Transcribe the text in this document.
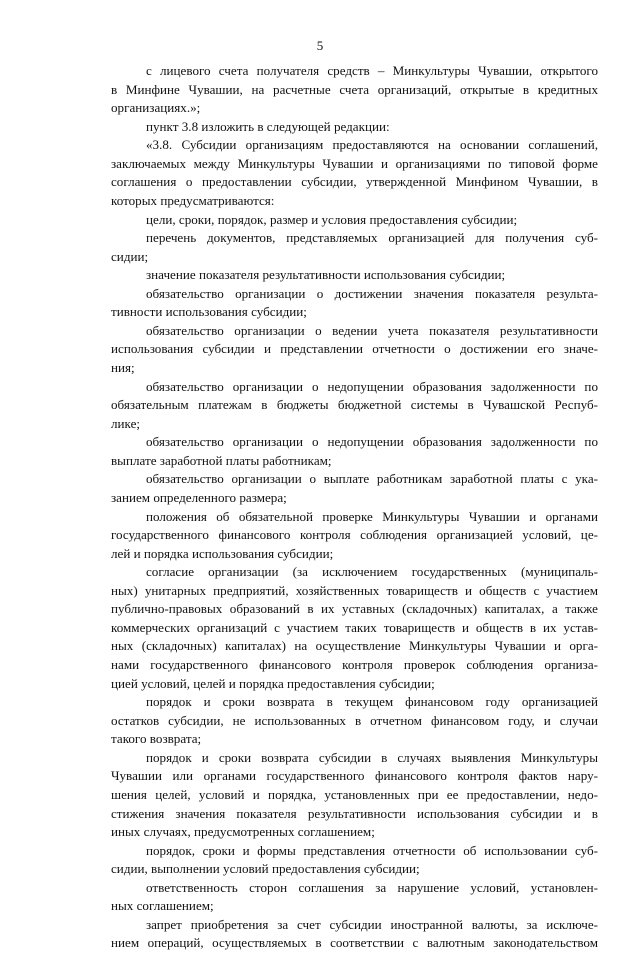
5
с лицевого счета получателя средств – Минкультуры Чувашии, открытого
в Минфине Чувашии, на расчетные счета организаций, открытые в кредитных
организациях.»;
пункт 3.8 изложить в следующей редакции:
«3.8. Субсидии организациям предоставляются на основании соглашений,
заключаемых между Минкультуры Чувашии и организациями по типовой форме
соглашения о предоставлении субсидии, утвержденной Минфином Чувашии, в
которых предусматриваются:
цели, сроки, порядок, размер и условия предоставления субсидии;
перечень документов, представляемых организацией для получения суб-
сидии;
значение показателя результативности использования субсидии;
обязательство организации о достижении значения показателя результа-
тивности использования субсидии;
обязательство организации о ведении учета показателя результативности
использования субсидии и представлении отчетности о достижении его значе-
ния;
обязательство организации о недопущении образования задолженности по
обязательным платежам в бюджеты бюджетной системы в Чувашской Респуб-
лике;
обязательство организации о недопущении образования задолженности по
выплате заработной платы работникам;
обязательство организации о выплате работникам заработной платы с ука-
занием определенного размера;
положения об обязательной проверке Минкультуры Чувашии и органами
государственного финансового контроля соблюдения организацией условий, це-
лей и порядка использования субсидии;
согласие организации (за исключением государственных (муниципаль-
ных) унитарных предприятий, хозяйственных товариществ и обществ с участием
публично-правовых образований в их уставных (складочных) капиталах, а также
коммерческих организаций с участием таких товариществ и обществ в их устав-
ных (складочных) капиталах) на осуществление Минкультуры Чувашии и орга-
нами государственного финансового контроля проверок соблюдения организа-
цией условий, целей и порядка предоставления субсидии;
порядок и сроки возврата в текущем финансовом году организацией
остатков субсидии, не использованных в отчетном финансовом году, и случаи
такого возврата;
порядок и сроки возврата субсидии в случаях выявления Минкультуры
Чувашии или органами государственного финансового контроля фактов нару-
шения целей, условий и порядка, установленных при ее предоставлении, недо-
стижения значения показателя результативности использования субсидии и в
иных случаях, предусмотренных соглашением;
порядок, сроки и формы представления отчетности об использовании суб-
сидии, выполнении условий предоставления субсидии;
ответственность сторон соглашения за нарушение условий, установлен-
ных соглашением;
запрет приобретения за счет субсидии иностранной валюты, за исключе-
нием операций, осуществляемых в соответствии с валютным законодательством
